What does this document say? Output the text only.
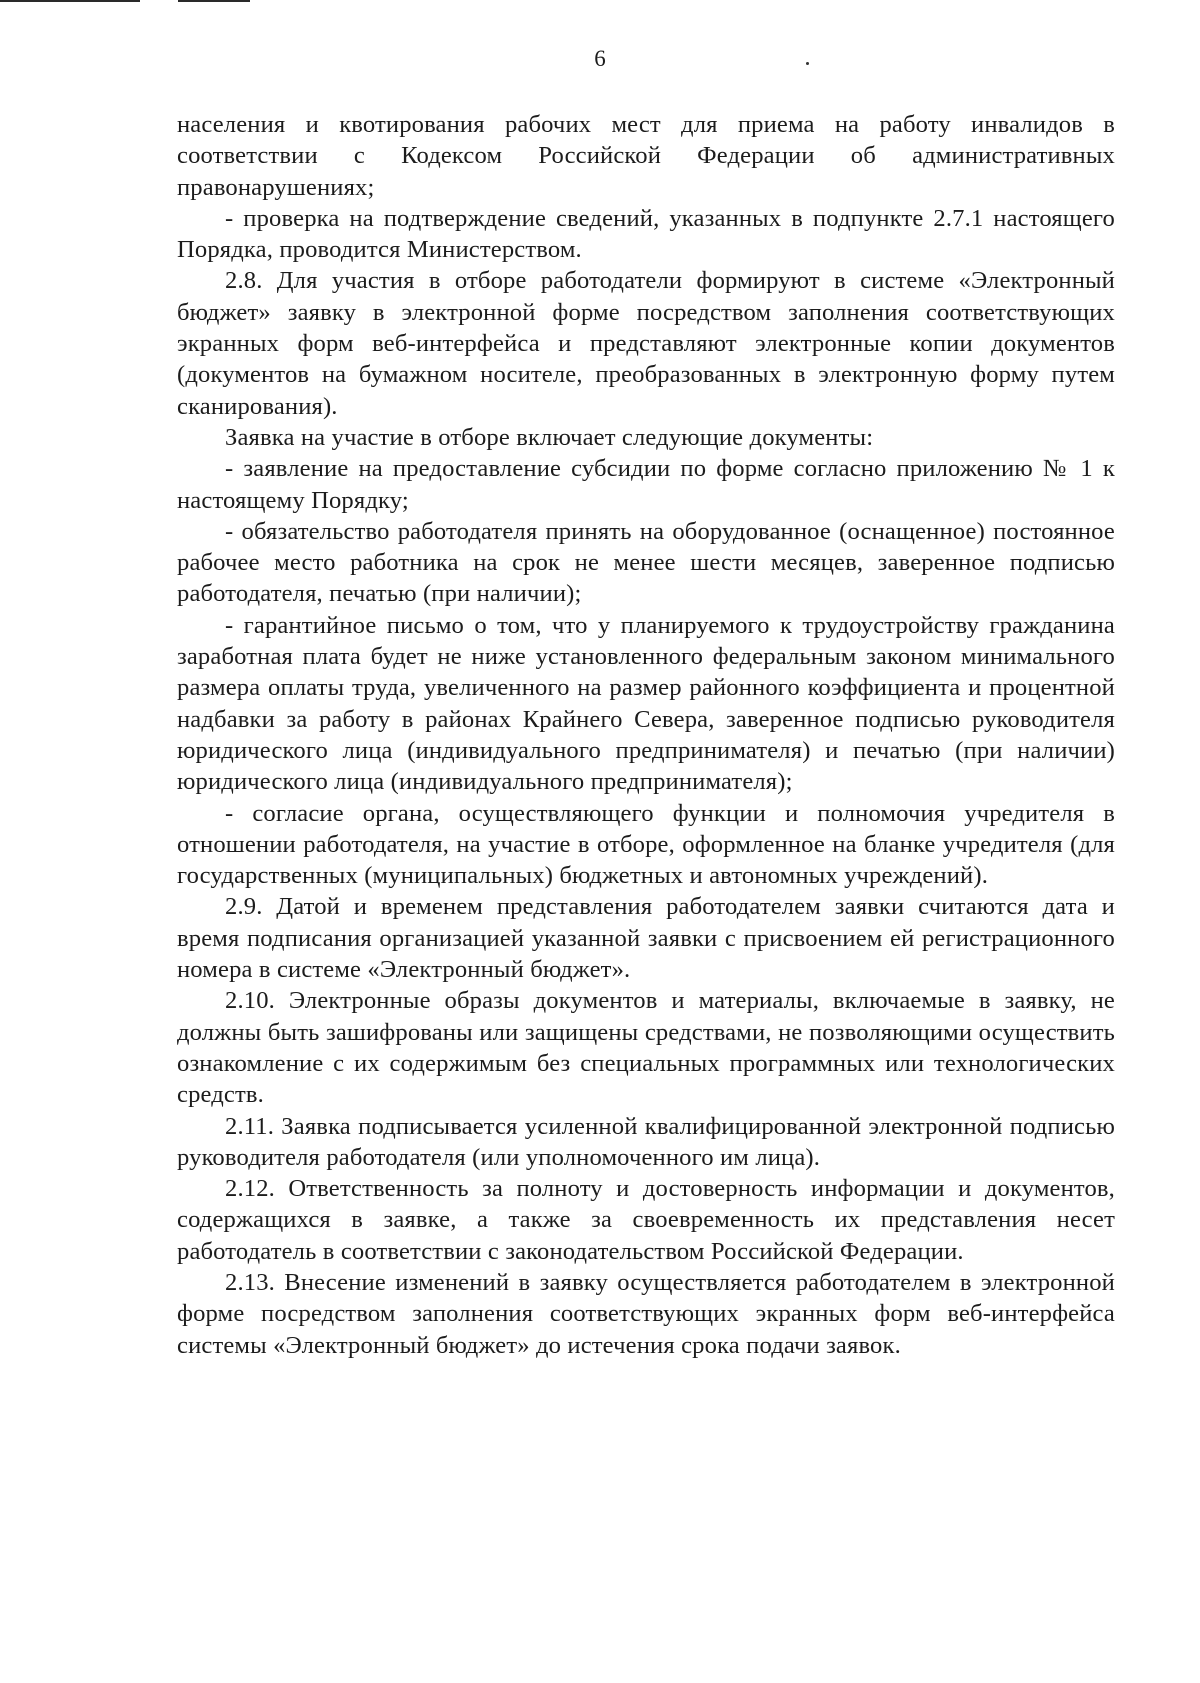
6

населения и квотирования рабочих мест для приема на работу инвалидов в соответствии с Кодексом Российской Федерации об административных правонарушениях;

- проверка на подтверждение сведений, указанных в подпункте 2.7.1 настоящего Порядка, проводится Министерством.

2.8. Для участия в отборе работодатели формируют в системе «Электронный бюджет» заявку в электронной форме посредством заполнения соответствующих экранных форм веб-интерфейса и представляют электронные копии документов (документов на бумажном носителе, преобразованных в электронную форму путем сканирования).

Заявка на участие в отборе включает следующие документы:

- заявление на предоставление субсидии по форме согласно приложению № 1 к настоящему Порядку;

- обязательство работодателя принять на оборудованное (оснащенное) постоянное рабочее место работника на срок не менее шести месяцев, заверенное подписью работодателя, печатью (при наличии);

- гарантийное письмо о том, что у планируемого к трудоустройству гражданина заработная плата будет не ниже установленного федеральным законом минимального размера оплаты труда, увеличенного на размер районного коэффициента и процентной надбавки за работу в районах Крайнего Севера, заверенное подписью руководителя юридического лица (индивидуального предпринимателя) и печатью (при наличии) юридического лица (индивидуального предпринимателя);

- согласие органа, осуществляющего функции и полномочия учредителя в отношении работодателя, на участие в отборе, оформленное на бланке учредителя (для государственных (муниципальных) бюджетных и автономных учреждений).

2.9. Датой и временем представления работодателем заявки считаются дата и время подписания организацией указанной заявки с присвоением ей регистрационного номера в системе «Электронный бюджет».

2.10. Электронные образы документов и материалы, включаемые в заявку, не должны быть зашифрованы или защищены средствами, не позволяющими осуществить ознакомление с их содержимым без специальных программных или технологических средств.

2.11. Заявка подписывается усиленной квалифицированной электронной подписью руководителя работодателя (или уполномоченного им лица).

2.12. Ответственность за полноту и достоверность информации и документов, содержащихся в заявке, а также за своевременность их представления несет работодатель в соответствии с законодательством Российской Федерации.

2.13. Внесение изменений в заявку осуществляется работодателем в электронной форме посредством заполнения соответствующих экранных форм веб-интерфейса системы «Электронный бюджет» до истечения срока подачи заявок.
